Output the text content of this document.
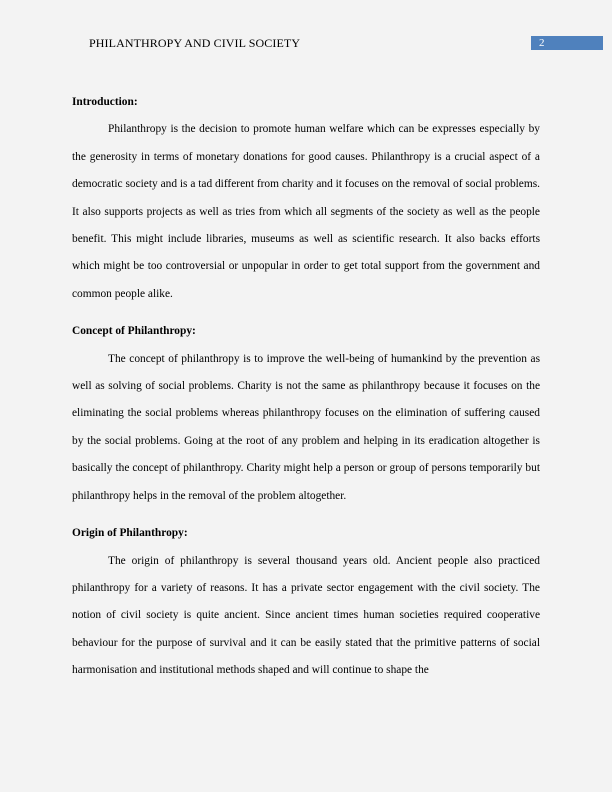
PHILANTHROPY AND CIVIL SOCIETY	2

Introduction:

Philanthropy is the decision to promote human welfare which can be expresses especially by the generosity in terms of monetary donations for good causes. Philanthropy is a crucial aspect of a democratic society and is a tad different from charity and it focuses on the removal of social problems. It also supports projects as well as tries from which all segments of the society as well as the people benefit. This might include libraries, museums as well as scientific research. It also backs efforts which might be too controversial or unpopular in order to get total support from the government and common people alike.

Concept of Philanthropy:

The concept of philanthropy is to improve the well-being of humankind by the prevention as well as solving of social problems. Charity is not the same as philanthropy because it focuses on the eliminating the social problems whereas philanthropy focuses on the elimination of suffering caused by the social problems. Going at the root of any problem and helping in its eradication altogether is basically the concept of philanthropy. Charity might help a person or group of persons temporarily but philanthropy helps in the removal of the problem altogether.

Origin of Philanthropy:

The origin of philanthropy is several thousand years old. Ancient people also practiced philanthropy for a variety of reasons. It has a private sector engagement with the civil society. The notion of civil society is quite ancient. Since ancient times human societies required cooperative behaviour for the purpose of survival and it can be easily stated that the primitive patterns of social harmonisation and institutional methods shaped and will continue to shape the
